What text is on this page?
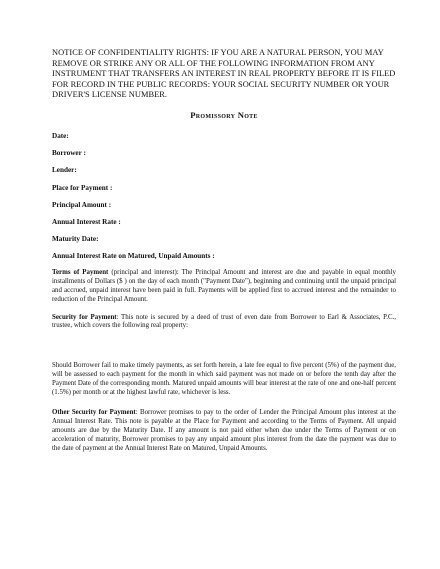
NOTICE OF CONFIDENTIALITY RIGHTS: IF YOU ARE A NATURAL PERSON, YOU MAY REMOVE OR STRIKE ANY OR ALL OF THE FOLLOWING INFORMATION FROM ANY INSTRUMENT THAT TRANSFERS AN INTEREST IN REAL PROPERTY BEFORE IT IS FILED FOR RECORD IN THE PUBLIC RECORDS: YOUR SOCIAL SECURITY NUMBER OR YOUR DRIVER'S LICENSE NUMBER.

Promissory Note

Date:

Borrower :

Lender:

Place for Payment :

Principal Amount :

Annual Interest Rate :

Maturity Date:

Annual Interest Rate on Matured, Unpaid Amounts :

Terms of Payment (principal and interest): The Principal Amount and interest are due and payable in equal monthly installments of Dollars ($ ) on the day of each month ("Payment Date"), beginning and continuing until the unpaid principal and accrued, unpaid interest have been paid in full. Payments will be applied first to accrued interest and the remainder to reduction of the Principal Amount.

Security for Payment: This note is secured by a deed of trust of even date from Borrower to Earl & Associates, P.C., trustee, which covers the following real property:

Should Borrower fail to make timely payments, as set forth herein, a late fee equal to five percent (5%) of the payment due, will be assessed to each payment for the month in which said payment was not made on or before the tenth day after the Payment Date of the corresponding month. Matured unpaid amounts will bear interest at the rate of one and one-half percent (1.5%) per month or at the highest lawful rate, whichever is less.

Other Security for Payment: Borrower promises to pay to the order of Lender the Principal Amount plus interest at the Annual Interest Rate. This note is payable at the Place for Payment and according to the Terms of Payment. All unpaid amounts are due by the Maturity Date. If any amount is not paid either when due under the Terms of Payment or on acceleration of maturity, Borrower promises to pay any unpaid amount plus interest from the date the payment was due to the date of payment at the Annual Interest Rate on Matured, Unpaid Amounts.
